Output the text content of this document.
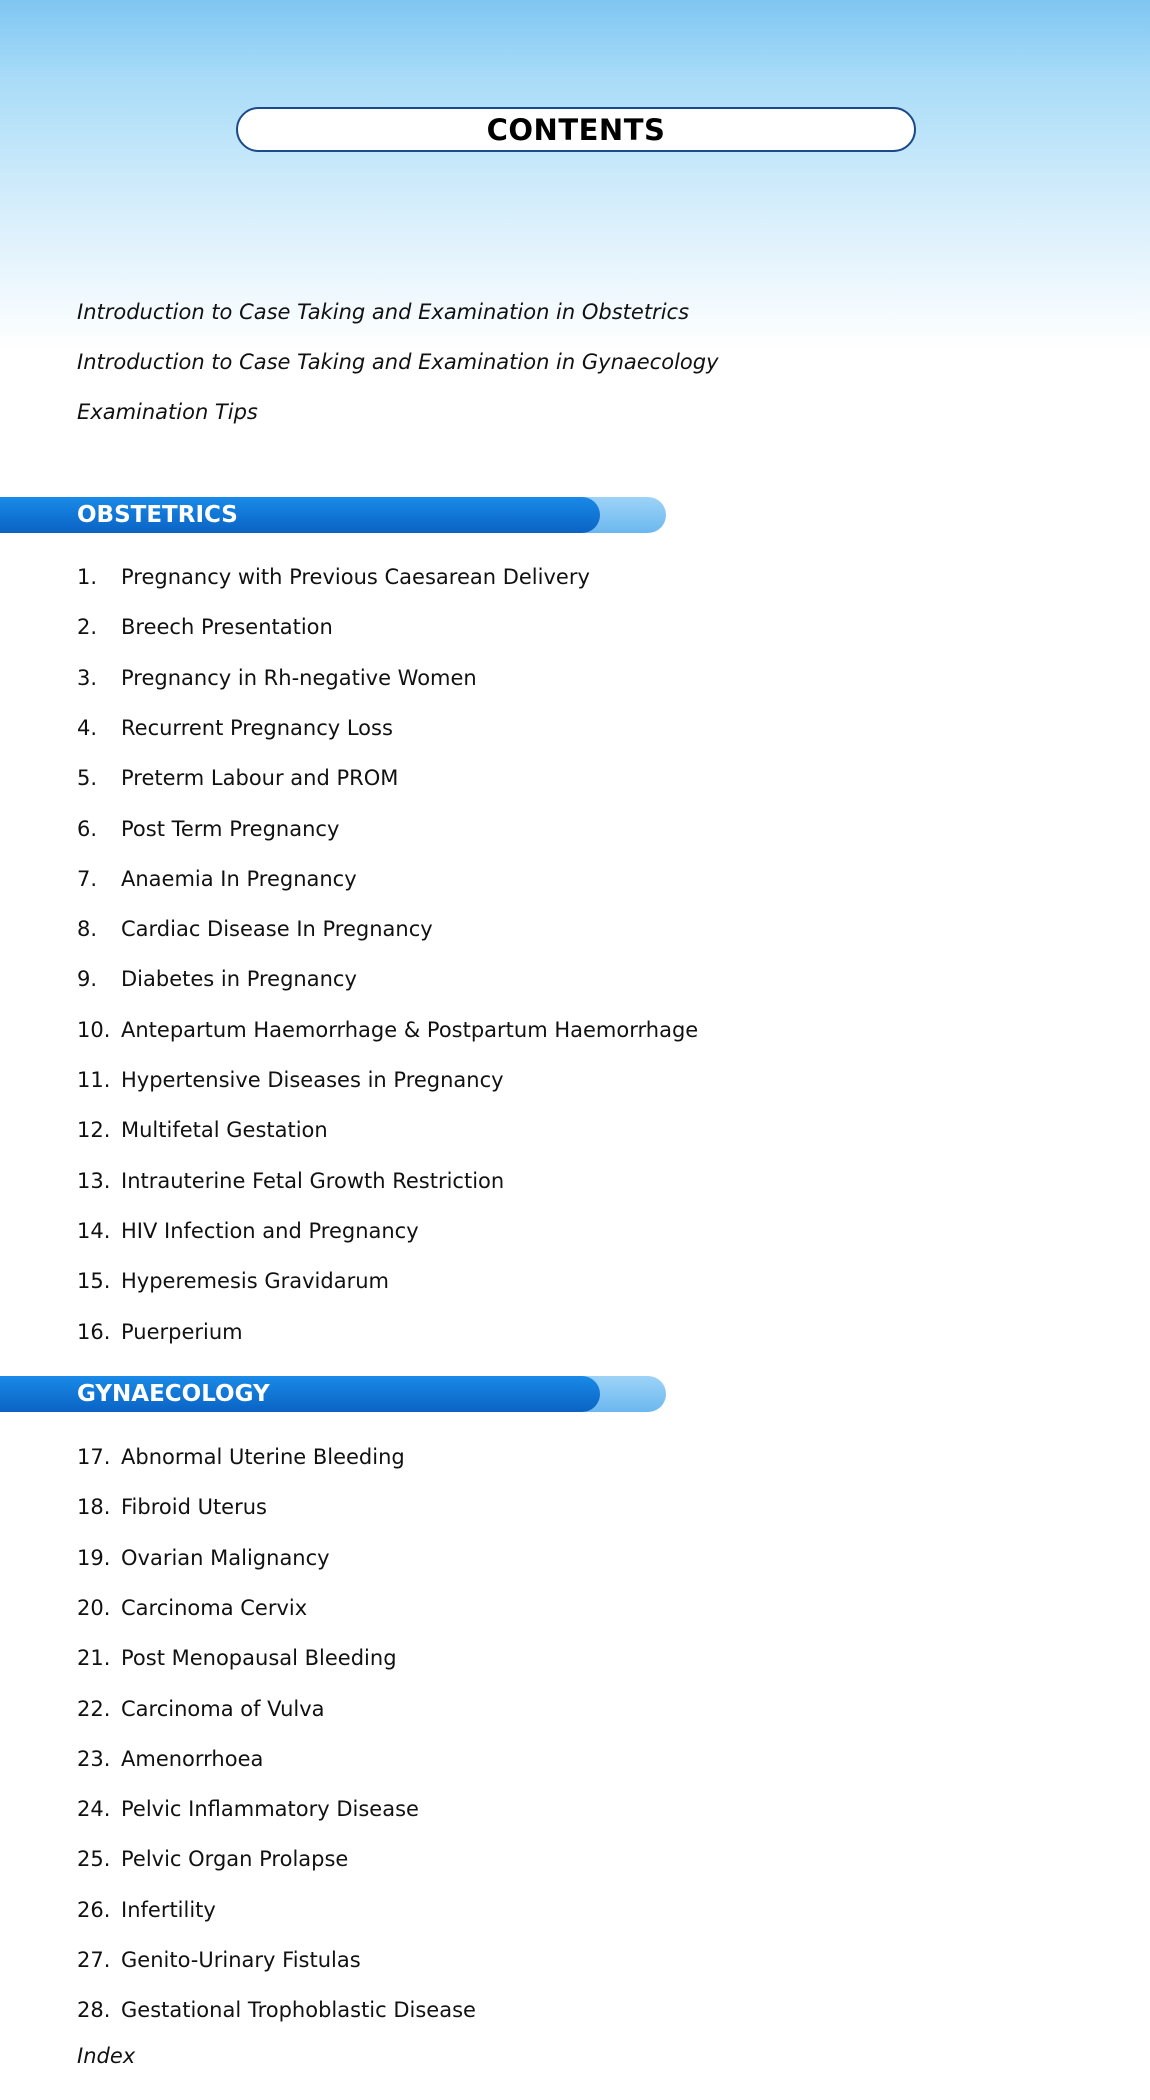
CONTENTS
Introduction to Case Taking and Examination in Obstetrics
Introduction to Case Taking and Examination in Gynaecology
Examination Tips
OBSTETRICS
1.	Pregnancy with Previous Caesarean Delivery
2.	Breech Presentation
3.	Pregnancy in Rh-negative Women
4.	Recurrent Pregnancy Loss
5.	Preterm Labour and PROM
6.	Post Term Pregnancy
7.	Anaemia In Pregnancy
8.	Cardiac Disease In Pregnancy
9.	Diabetes in Pregnancy
10. Antepartum Haemorrhage & Postpartum Haemorrhage
11. Hypertensive Diseases in Pregnancy
12. Multifetal Gestation
13. Intrauterine Fetal Growth Restriction
14. HIV Infection and Pregnancy
15. Hyperemesis Gravidarum
16. Puerperium
GYNAECOLOGY
17. Abnormal Uterine Bleeding
18. Fibroid Uterus
19. Ovarian Malignancy
20. Carcinoma Cervix
21. Post Menopausal Bleeding
22. Carcinoma of Vulva
23. Amenorrhoea
24. Pelvic Inflammatory Disease
25. Pelvic Organ Prolapse
26. Infertility
27. Genito-Urinary Fistulas
28. Gestational Trophoblastic Disease
Index
